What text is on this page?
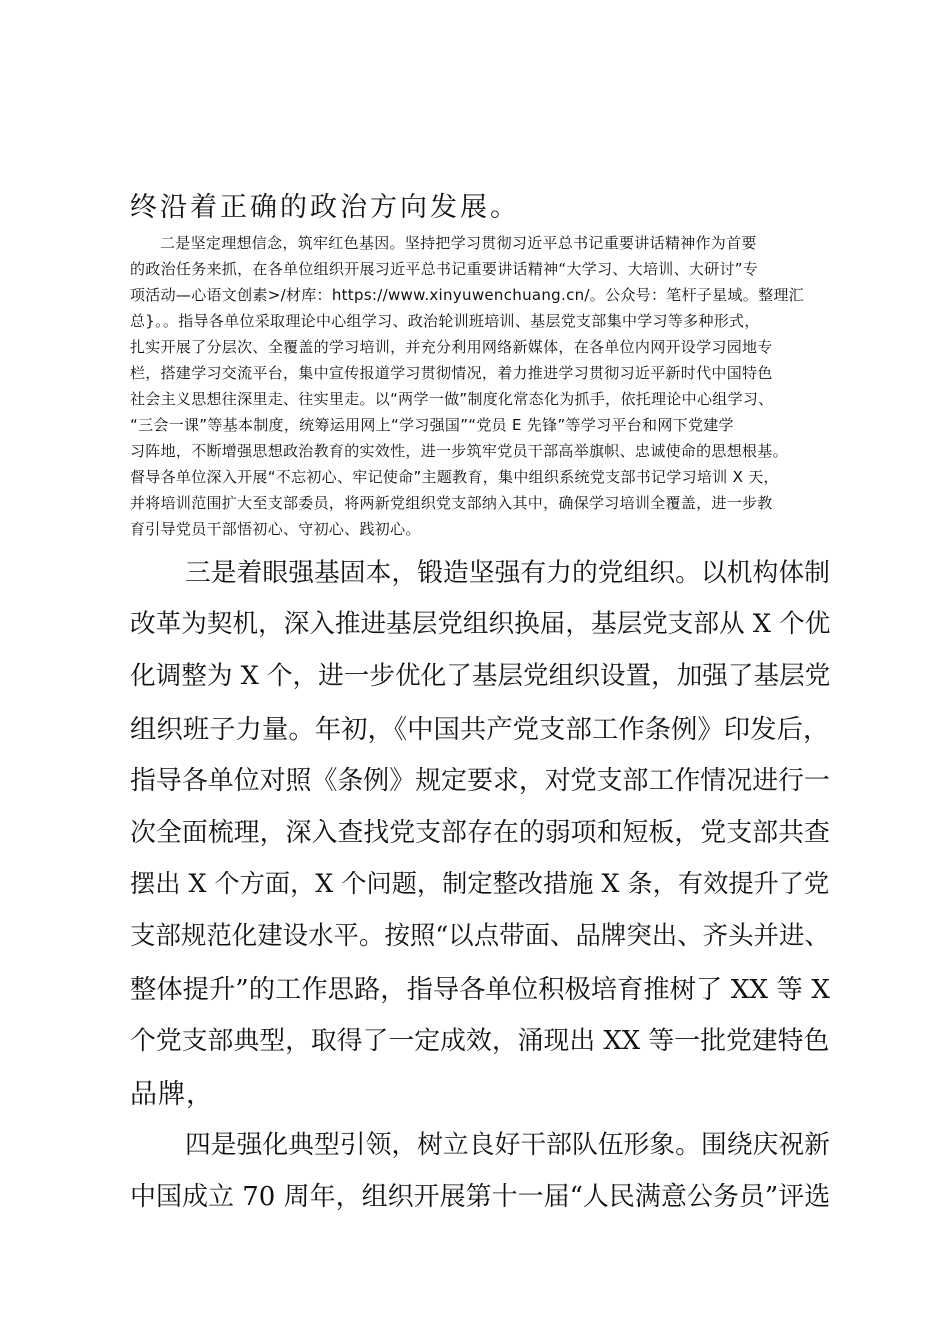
终沿着正确的政治方向发展。

二是坚定理想信念，筑牢红色基因。坚持把学习贯彻习近平总书记重要讲话精神作为首要

的政治任务来抓，在各单位组织开展习近平总书记重要讲话精神“大学习、大培训、大研讨”专

项活动—心语文创素>/材库：https://www.xinyuwenchuang.cn/。公众号：笔杆子星域。整理汇

总}。。指导各单位采取理论中心组学习、政治轮训班培训、基层党支部集中学习等多种形式，

扎实开展了分层次、全覆盖的学习培训，并充分利用网络新媒体，在各单位内网开设学习园地专

栏，搭建学习交流平台，集中宣传报道学习贯彻情况，着力推进学习贯彻习近平新时代中国特色

社会主义思想往深里走、往实里走。以“两学一做”制度化常态化为抓手，依托理论中心组学习、

“三会一课”等基本制度，统筹运用网上“学习强国”“党员 E 先锋”等学习平台和网下党建学

习阵地，不断增强思想政治教育的实效性，进一步筑牢党员干部高举旗帜、忠诚使命的思想根基。

督导各单位深入开展“不忘初心、牢记使命”主题教育，集中组织系统党支部书记学习培训 X 天，

并将培训范围扩大至支部委员，将两新党组织党支部纳入其中，确保学习培训全覆盖，进一步教

育引导党员干部悟初心、守初心、践初心。

三是着眼强基固本，锻造坚强有力的党组织。以机构体制

改革为契机，深入推进基层党组织换届，基层党支部从 X 个优

化调整为 X 个，进一步优化了基层党组织设置，加强了基层党

组织班子力量。年初，《中国共产党支部工作条例》印发后，

指导各单位对照《条例》规定要求，对党支部工作情况进行一

次全面梳理，深入查找党支部存在的弱项和短板，党支部共查

摆出 X 个方面，X 个问题，制定整改措施 X 条，有效提升了党

支部规范化建设水平。按照“以点带面、品牌突出、齐头并进、

整体提升”的工作思路，指导各单位积极培育推树了 XX 等 X

个党支部典型，取得了一定成效，涌现出 XX 等一批党建特色

品牌，

四是强化典型引领，树立良好干部队伍形象。围绕庆祝新

中国成立 70 周年，组织开展第十一届“人民满意公务员”评选
